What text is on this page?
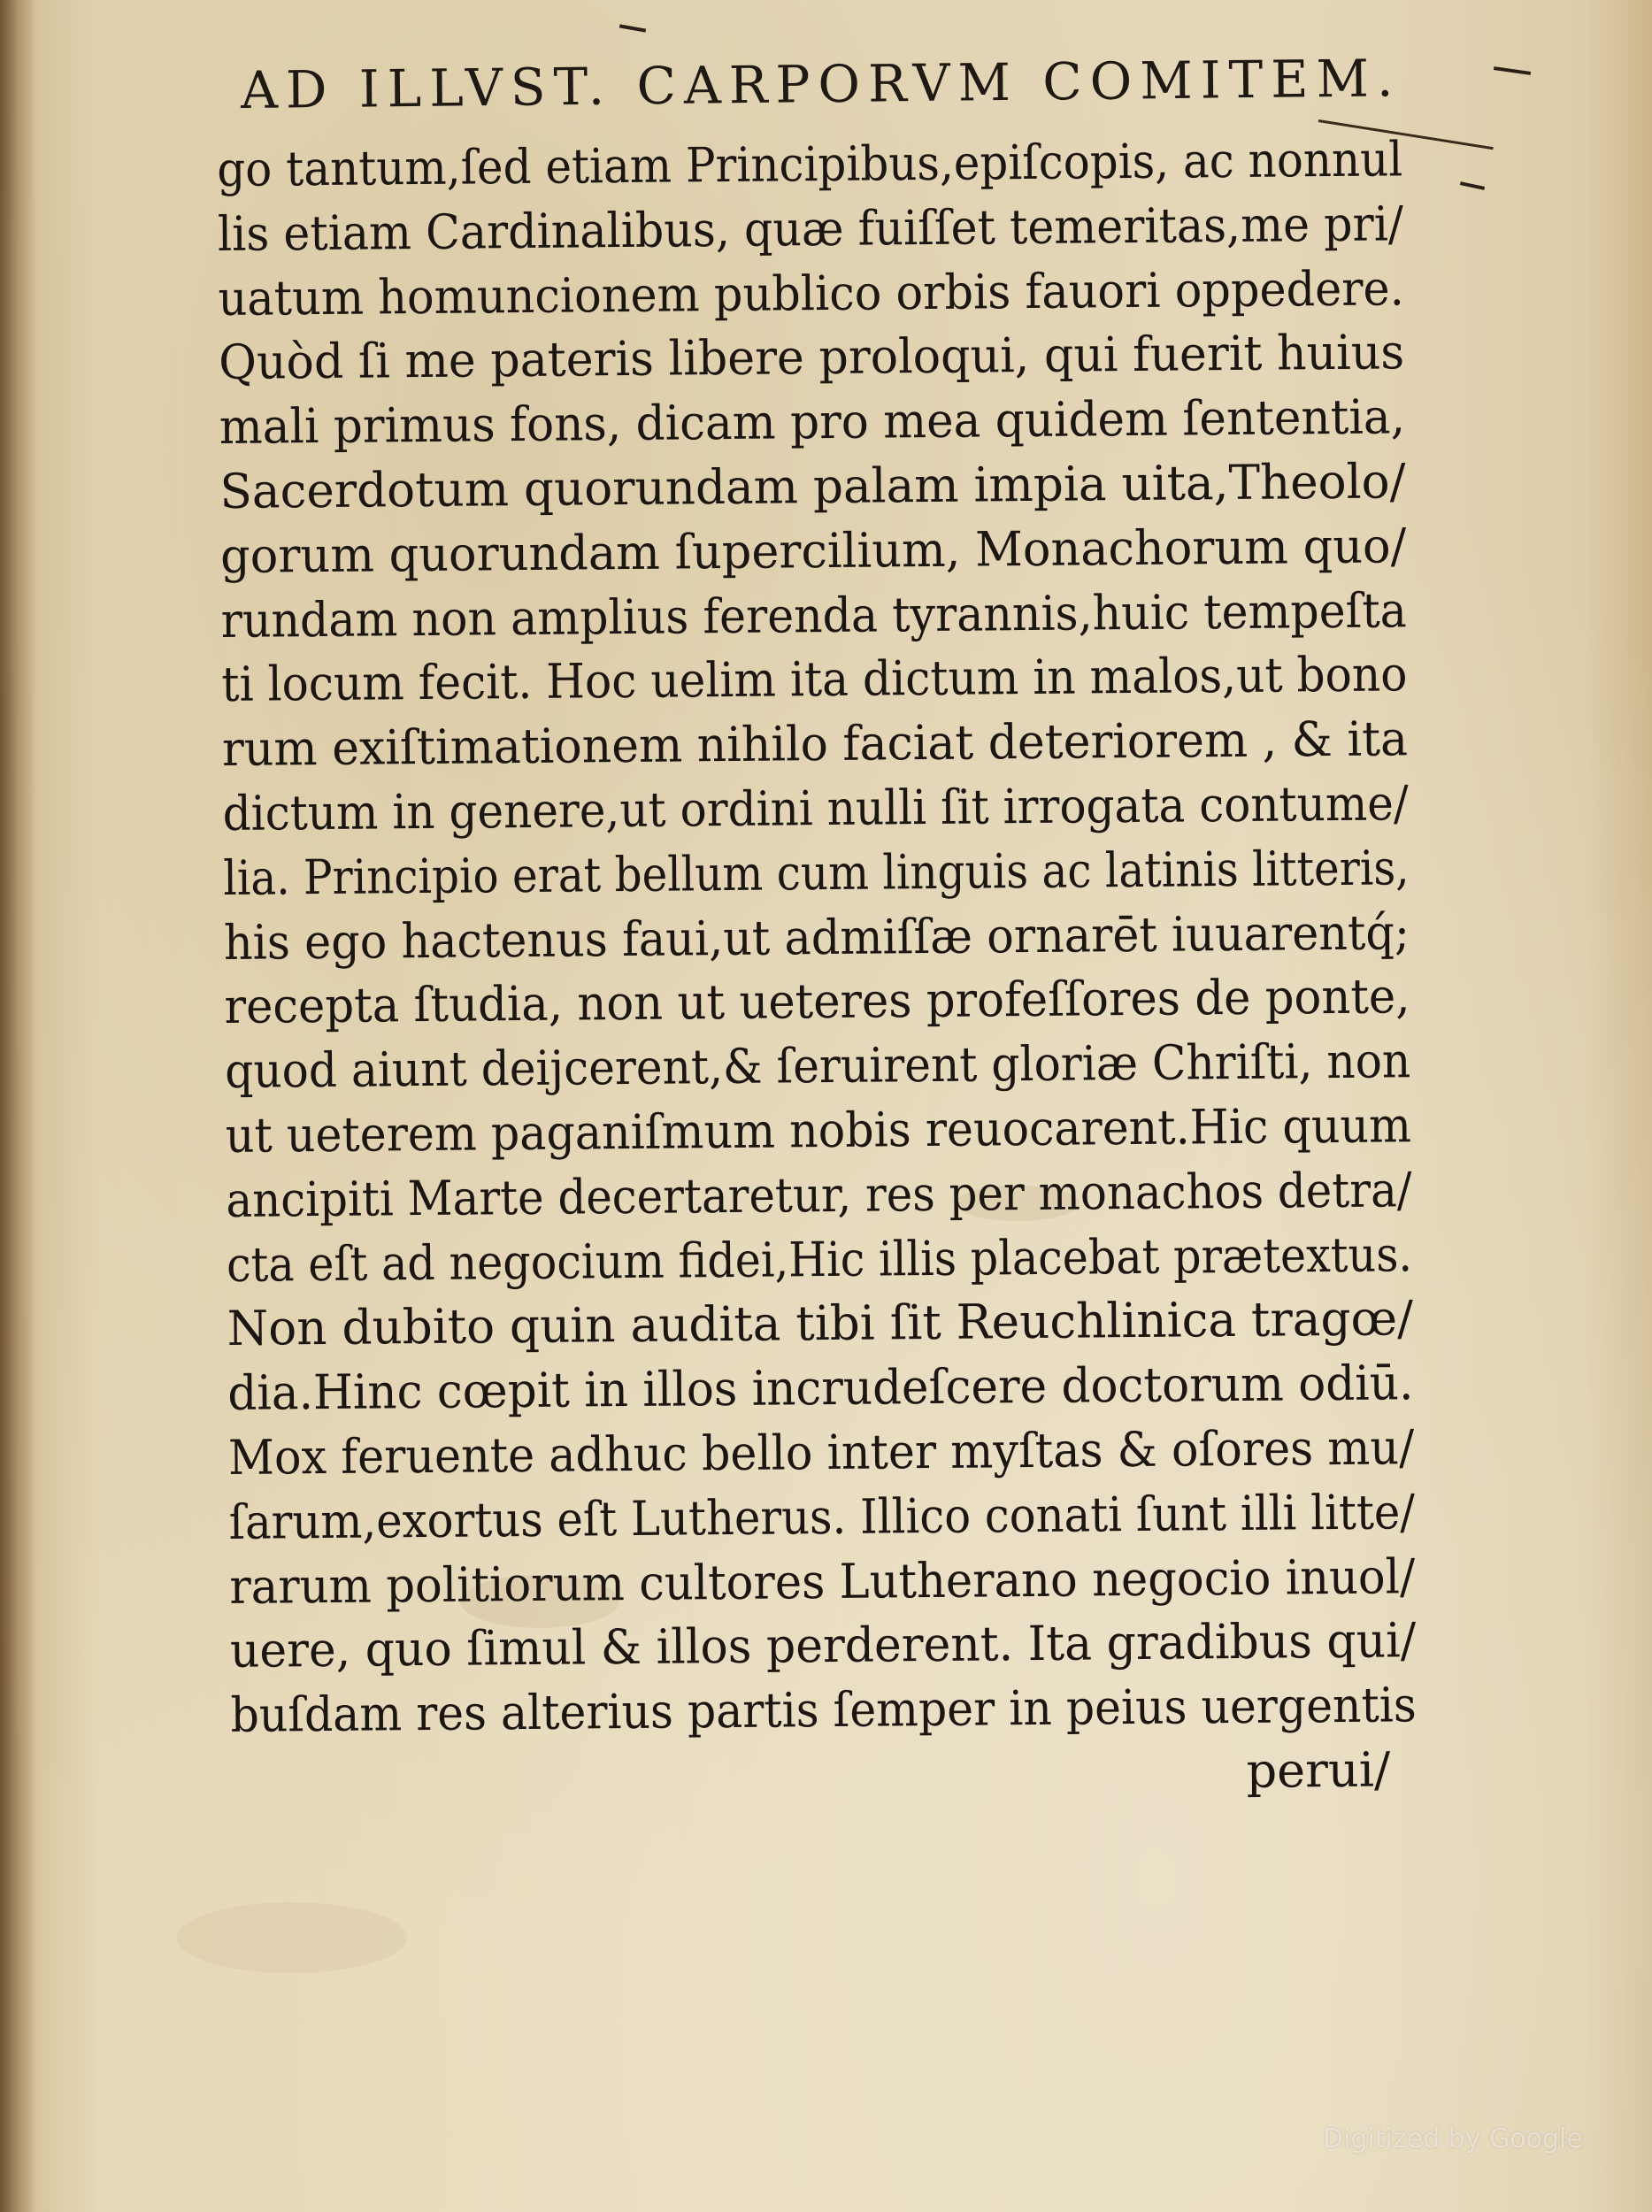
AD ILLVST. CARPORVM COMITEM.
go tantum,ſed etiam Principibus,epiſcopis, ac nonnul
lis etiam Cardinalibus, quæ fuiſſet temeritas,me pri/
uatum homuncionem publico orbis fauori oppedere.
Quòd ſi me pateris libere proloqui, qui fuerit huius
mali primus fons, dicam pro mea quidem ſententia,
Sacerdotum quorundam palam impia uita,Theolo/
gorum quorundam ſupercilium, Monachorum quo/
rundam non amplius ferenda tyrannis,huic tempeſta
ti locum fecit. Hoc uelim ita dictum in malos,ut bono
rum exiſtimationem nihilo faciat deteriorem , & ita
dictum in genere,ut ordini nulli ſit irrogata contume/
lia. Principio erat bellum cum linguis ac latinis litteris,
his ego hactenus faui,ut admiſſæ ornarēt iuuarentq́;
recepta ſtudia, non ut ueteres profeſſores de ponte,
quod aiunt deijcerent,& ſeruirent gloriæ Chriſti, non
ut ueterem paganiſmum nobis reuocarent.Hic quum
ancipiti Marte decertaretur, res per monachos detra/
cta eſt ad negocium fidei,Hic illis placebat prætextus.
Non dubito quin audita tibi ſit Reuchlinica tragœ/
dia.Hinc cœpit in illos incrudeſcere doctorum odiū.
Mox feruente adhuc bello inter myſtas & oſores mu/
ſarum,exortus eſt Lutherus. Illico conati ſunt illi litte/
rarum politiorum cultores Lutherano negocio inuol/
uere, quo ſimul & illos perderent. Ita gradibus qui/
buſdam res alterius partis ſemper in peius uergentis
perui/
Digitized by Google
